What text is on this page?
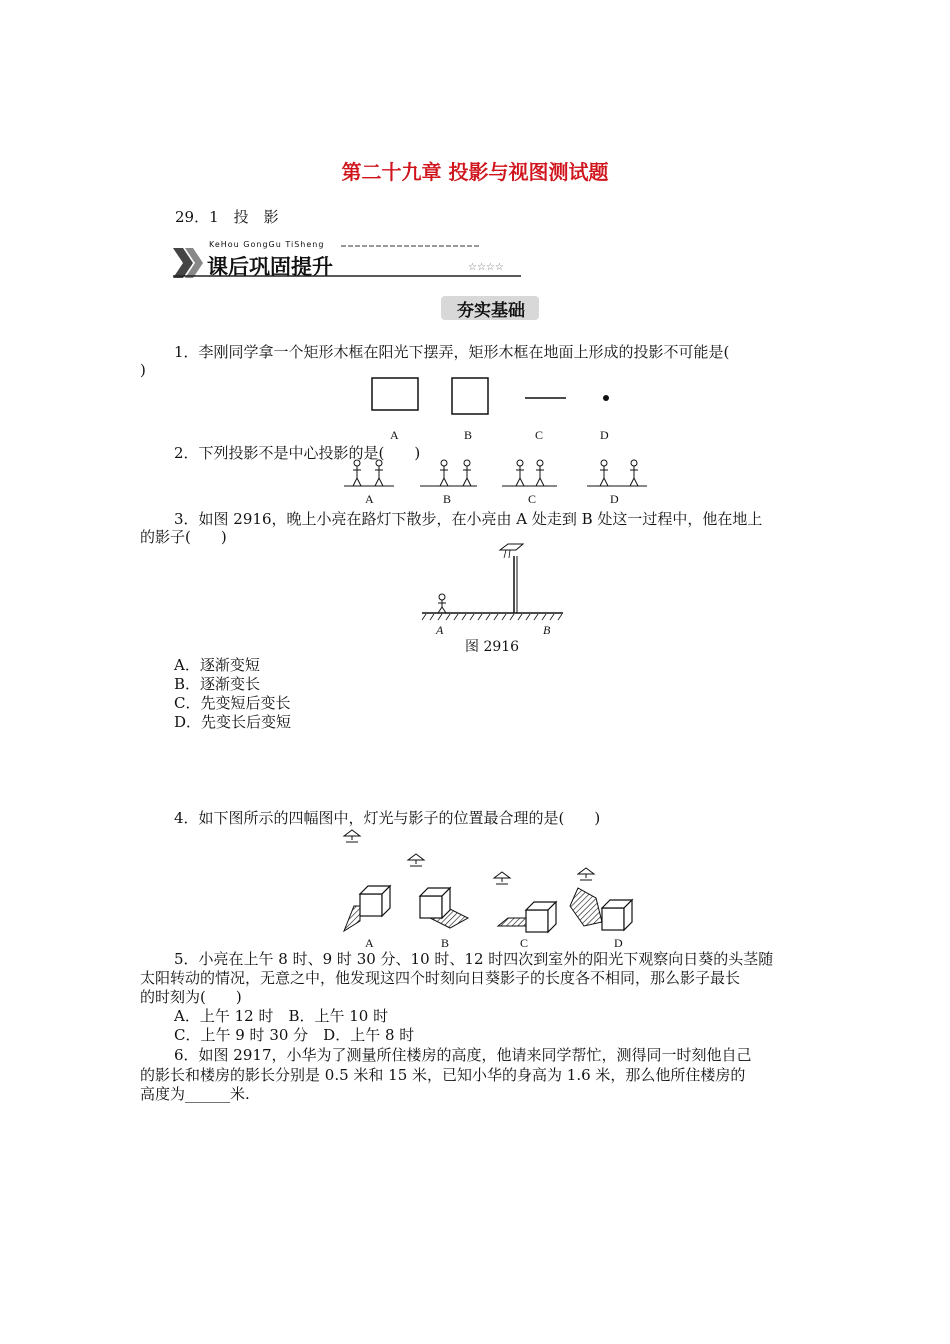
第二十九章 投影与视图测试题
29．1　投　影
KeHou GongGu TiSheng
课后巩固提升	☆☆☆☆
夯实基础
1．李刚同学拿一个矩形木框在阳光下摆弄，矩形木框在地面上形成的投影不可能是(
)
A	B	C	D
2．下列投影不是中心投影的是(　　)
A	B	C	D
3．如图 2916，晚上小亮在路灯下散步，在小亮由 A 处走到 B 处这一过程中，他在地上
的影子(　　)
A	B
图 2916
A．逐渐变短
B．逐渐变长
C．先变短后变长
D．先变长后变短
4．如下图所示的四幅图中，灯光与影子的位置最合理的是(　　)
A	B	C	D
5．小亮在上午 8 时、9 时 30 分、10 时、12 时四次到室外的阳光下观察向日葵的头茎随
太阳转动的情况，无意之中，他发现这四个时刻向日葵影子的长度各不相同，那么影子最长
的时刻为(　　)
A．上午 12 时　B．上午 10 时
C．上午 9 时 30 分　D．上午 8 时
6．如图 2917，小华为了测量所住楼房的高度，他请来同学帮忙，测得同一时刻他自己
的影长和楼房的影长分别是 0.5 米和 15 米，已知小华的身高为 1.6 米，那么他所住楼房的
高度为______米.
